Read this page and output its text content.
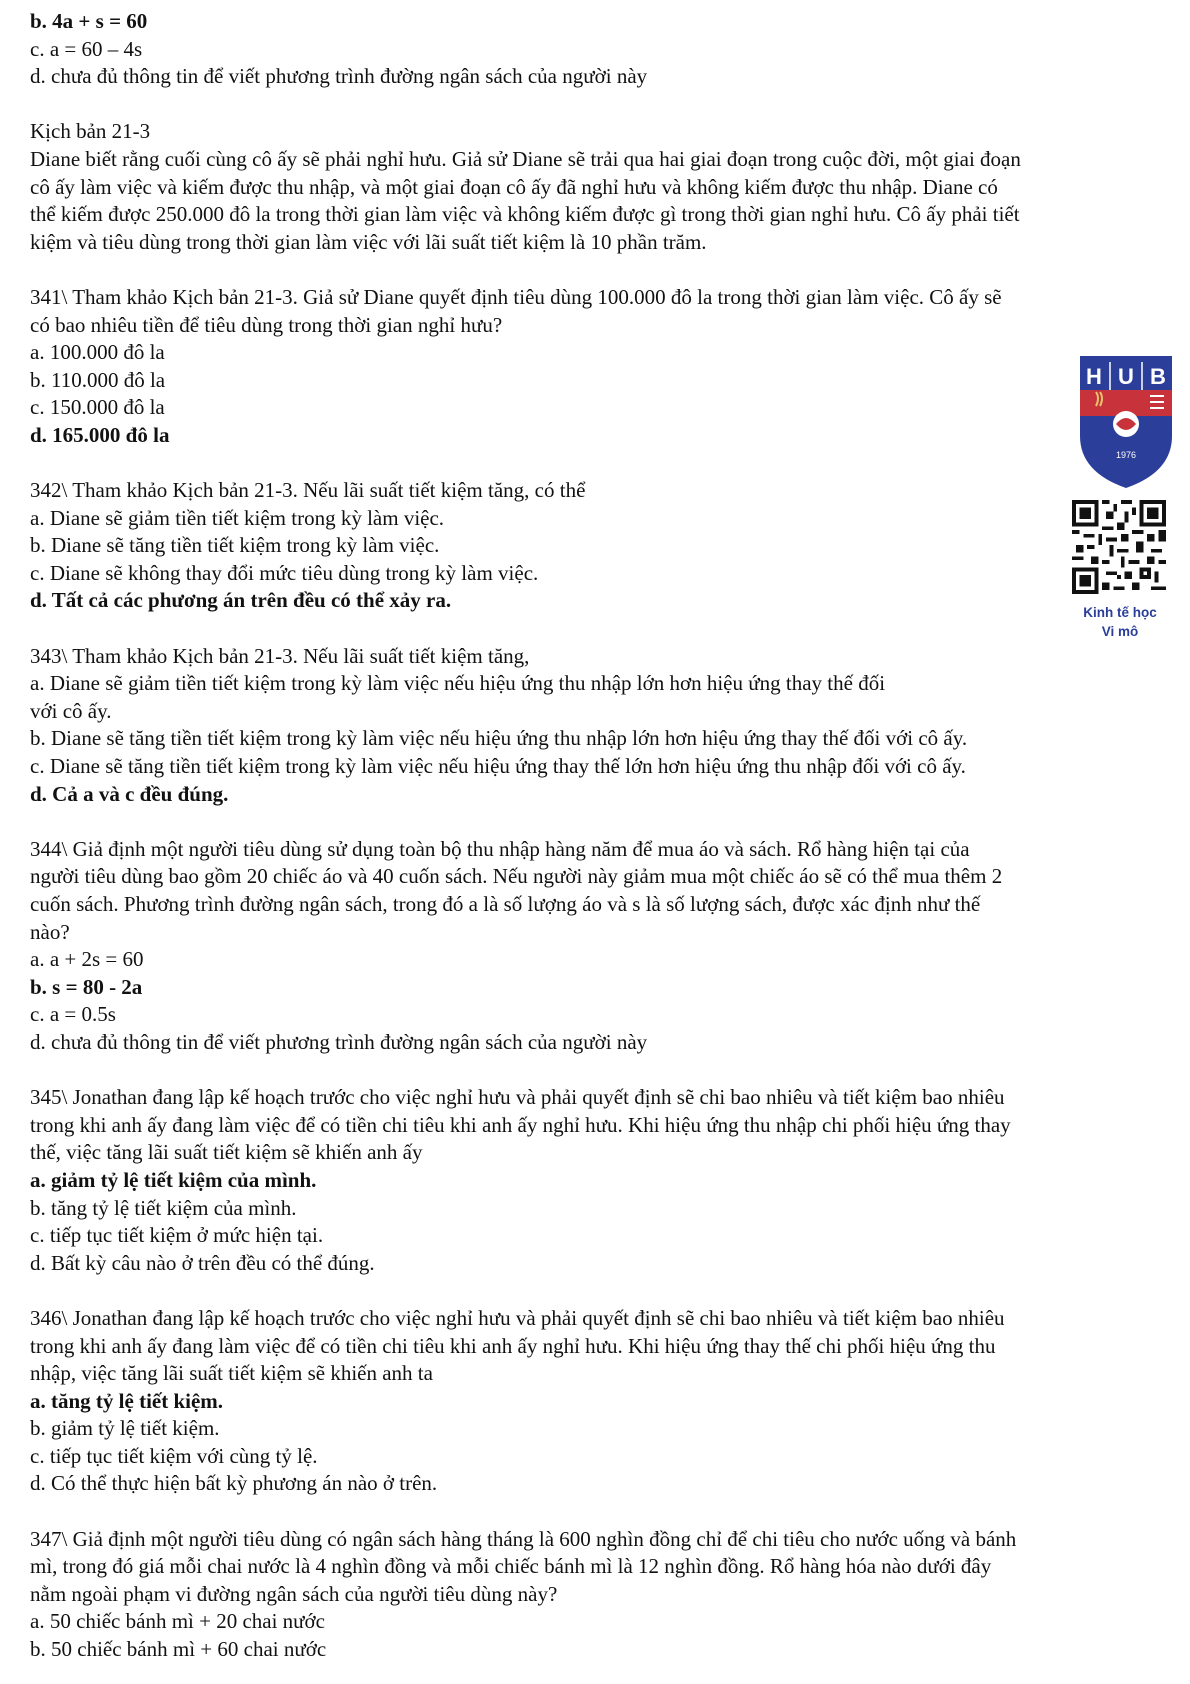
b. 4a + s = 60
c. a = 60 – 4s
d. chưa đủ thông tin để viết phương trình đường ngân sách của người này
Kịch bản 21-3
Diane biết rằng cuối cùng cô ấy sẽ phải nghỉ hưu. Giả sử Diane sẽ trải qua hai giai đoạn trong cuộc đời, một giai đoạn
cô ấy làm việc và kiếm được thu nhập, và một giai đoạn cô ấy đã nghỉ hưu và không kiếm được thu nhập. Diane có
thể kiếm được 250.000 đô la trong thời gian làm việc và không kiếm được gì trong thời gian nghỉ hưu. Cô ấy phải tiết
kiệm và tiêu dùng trong thời gian làm việc với lãi suất tiết kiệm là 10 phần trăm.
341\ Tham khảo Kịch bản 21-3. Giả sử Diane quyết định tiêu dùng 100.000 đô la trong thời gian làm việc. Cô ấy sẽ
có bao nhiêu tiền để tiêu dùng trong thời gian nghỉ hưu?
a. 100.000 đô la
b. 110.000 đô la
c. 150.000 đô la
d. 165.000 đô la
342\ Tham khảo Kịch bản 21-3. Nếu lãi suất tiết kiệm tăng, có thể
a. Diane sẽ giảm tiền tiết kiệm trong kỳ làm việc.
b. Diane sẽ tăng tiền tiết kiệm trong kỳ làm việc.
c. Diane sẽ không thay đổi mức tiêu dùng trong kỳ làm việc.
d. Tất cả các phương án trên đều có thể xảy ra.
343\ Tham khảo Kịch bản 21-3. Nếu lãi suất tiết kiệm tăng,
a. Diane sẽ giảm tiền tiết kiệm trong kỳ làm việc nếu hiệu ứng thu nhập lớn hơn hiệu ứng thay thế đối
với cô ấy.
b. Diane sẽ tăng tiền tiết kiệm trong kỳ làm việc nếu hiệu ứng thu nhập lớn hơn hiệu ứng thay thế đối với cô ấy.
c. Diane sẽ tăng tiền tiết kiệm trong kỳ làm việc nếu hiệu ứng thay thế lớn hơn hiệu ứng thu nhập đối với cô ấy.
d. Cả a và c đều đúng.
344\ Giả định một người tiêu dùng sử dụng toàn bộ thu nhập hàng năm để mua áo và sách. Rổ hàng hiện tại của
người tiêu dùng bao gồm 20 chiếc áo và 40 cuốn sách. Nếu người này giảm mua một chiếc áo sẽ có thể mua thêm 2
cuốn sách. Phương trình đường ngân sách, trong đó a là số lượng áo và s là số lượng sách, được xác định như thế
nào?
a. a + 2s = 60
b. s = 80 - 2a
c. a = 0.5s
d. chưa đủ thông tin để viết phương trình đường ngân sách của người này
345\ Jonathan đang lập kế hoạch trước cho việc nghỉ hưu và phải quyết định sẽ chi bao nhiêu và tiết kiệm bao nhiêu
trong khi anh ấy đang làm việc để có tiền chi tiêu khi anh ấy nghỉ hưu. Khi hiệu ứng thu nhập chi phối hiệu ứng thay
thế, việc tăng lãi suất tiết kiệm sẽ khiến anh ấy
a. giảm tỷ lệ tiết kiệm của mình.
b. tăng tỷ lệ tiết kiệm của mình.
c. tiếp tục tiết kiệm ở mức hiện tại.
d. Bất kỳ câu nào ở trên đều có thể đúng.
346\ Jonathan đang lập kế hoạch trước cho việc nghỉ hưu và phải quyết định sẽ chi bao nhiêu và tiết kiệm bao nhiêu
trong khi anh ấy đang làm việc để có tiền chi tiêu khi anh ấy nghỉ hưu. Khi hiệu ứng thay thế chi phối hiệu ứng thu
nhập, việc tăng lãi suất tiết kiệm sẽ khiến anh ta
a. tăng tỷ lệ tiết kiệm.
b. giảm tỷ lệ tiết kiệm.
c. tiếp tục tiết kiệm với cùng tỷ lệ.
d. Có thể thực hiện bất kỳ phương án nào ở trên.
347\ Giả định một người tiêu dùng có ngân sách hàng tháng là 600 nghìn đồng chỉ để chi tiêu cho nước uống và bánh
mì, trong đó giá mỗi chai nước là 4 nghìn đồng và mỗi chiếc bánh mì là 12 nghìn đồng. Rổ hàng hóa nào dưới đây
nằm ngoài phạm vi đường ngân sách của người tiêu dùng này?
a. 50 chiếc bánh mì + 20 chai nước
b. 50 chiếc bánh mì + 60 chai nước
H U B
1976
Kinh tế học
Vi mô
